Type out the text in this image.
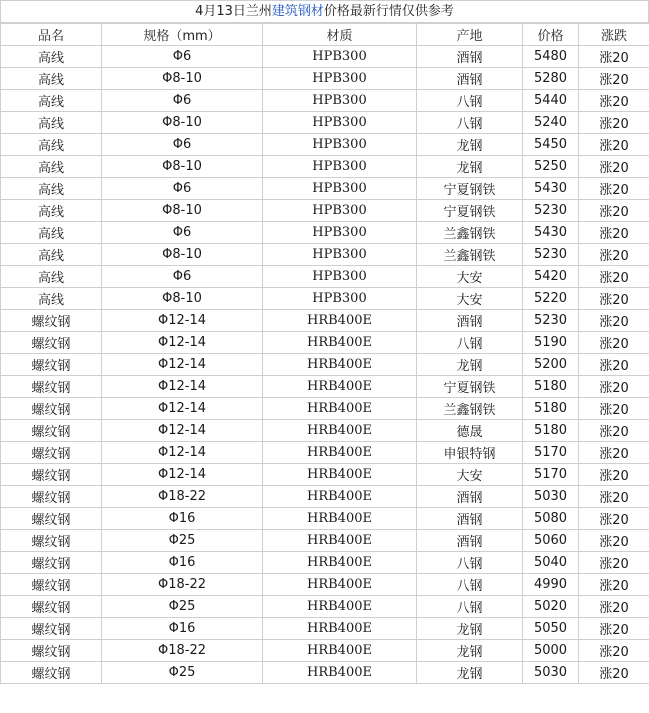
4月13日兰州建筑钢材价格最新行情仅供参考
品名	规格（mm）	材质	产地	价格	涨跌
高线	Φ6	HPB300	酒钢	5480	涨20
高线	Φ8-10	HPB300	酒钢	5280	涨20
高线	Φ6	HPB300	八钢	5440	涨20
高线	Φ8-10	HPB300	八钢	5240	涨20
高线	Φ6	HPB300	龙钢	5450	涨20
高线	Φ8-10	HPB300	龙钢	5250	涨20
高线	Φ6	HPB300	宁夏钢铁	5430	涨20
高线	Φ8-10	HPB300	宁夏钢铁	5230	涨20
高线	Φ6	HPB300	兰鑫钢铁	5430	涨20
高线	Φ8-10	HPB300	兰鑫钢铁	5230	涨20
高线	Φ6	HPB300	大安	5420	涨20
高线	Φ8-10	HPB300	大安	5220	涨20
螺纹钢	Φ12-14	HRB400E	酒钢	5230	涨20
螺纹钢	Φ12-14	HRB400E	八钢	5190	涨20
螺纹钢	Φ12-14	HRB400E	龙钢	5200	涨20
螺纹钢	Φ12-14	HRB400E	宁夏钢铁	5180	涨20
螺纹钢	Φ12-14	HRB400E	兰鑫钢铁	5180	涨20
螺纹钢	Φ12-14	HRB400E	德晟	5180	涨20
螺纹钢	Φ12-14	HRB400E	申银特钢	5170	涨20
螺纹钢	Φ12-14	HRB400E	大安	5170	涨20
螺纹钢	Φ18-22	HRB400E	酒钢	5030	涨20
螺纹钢	Φ16	HRB400E	酒钢	5080	涨20
螺纹钢	Φ25	HRB400E	酒钢	5060	涨20
螺纹钢	Φ16	HRB400E	八钢	5040	涨20
螺纹钢	Φ18-22	HRB400E	八钢	4990	涨20
螺纹钢	Φ25	HRB400E	八钢	5020	涨20
螺纹钢	Φ16	HRB400E	龙钢	5050	涨20
螺纹钢	Φ18-22	HRB400E	龙钢	5000	涨20
螺纹钢	Φ25	HRB400E	龙钢	5030	涨20
